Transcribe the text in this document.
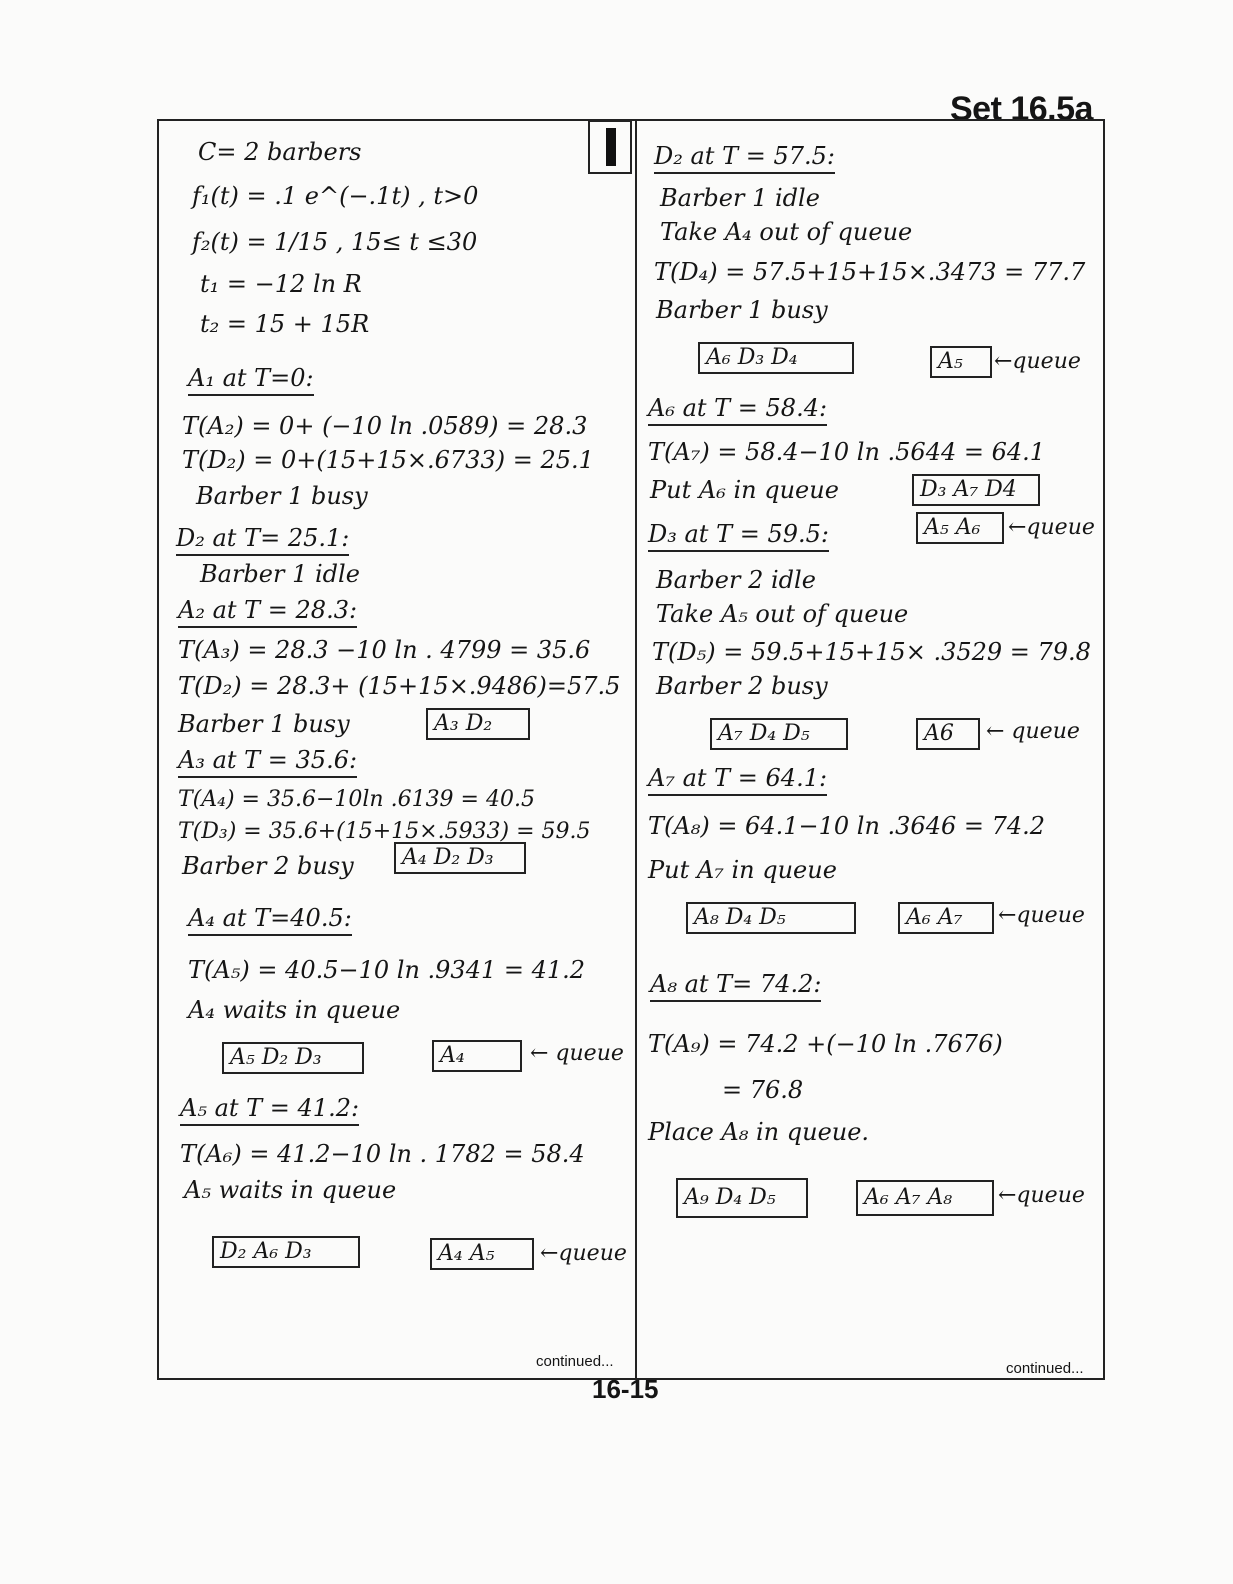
Set 16.5a
C= 2 barbers
f₁(t) = .1 e^(−.1t) , t>0
f₂(t) = 1/15 , 15≤ t ≤30
t₁ = −12 ln R
t₂ = 15 + 15R
A₁ at T=0:
T(A₂) = 0+ (−10 ln .0589) = 28.3
T(D₂) = 0+(15+15×.6733) = 25.1
Barber 1 busy
D₂ at T= 25.1:
Barber 1 idle
A₂ at T = 28.3:
T(A₃) = 28.3 −10 ln . 4799 = 35.6
T(D₂) = 28.3+ (15+15×.9486)=57.5
Barber 1 busy	A₃ D₂
A₃ at T = 35.6:
T(A₄) = 35.6−10ln .6139 = 40.5
T(D₃) = 35.6+(15+15×.5933) = 59.5
Barber 2 busy	A₄ D₂ D₃
A₄ at T=40.5:
T(A₅) = 40.5−10 ln .9341 = 41.2
A₄ waits in queue
A₅ D₂ D₃	A₄	← queue
A₅ at T = 41.2:
T(A₆) = 41.2−10 ln . 1782 = 58.4
A₅ waits in queue
D₂ A₆ D₃	A₄ A₅	←queue
continued...
D₂ at T = 57.5:
Barber 1 idle
Take A₄ out of queue
T(D₄) = 57.5+15+15×.3473 = 77.7
Barber 1 busy
A₆ D₃ D₄	A₅	←queue
A₆ at T = 58.4:
T(A₇) = 58.4−10 ln .5644 = 64.1
Put A₆ in queue	D₃ A₇ D4
D₃ at T = 59.5:	A₅ A₆	←queue
Barber 2 idle
Take A₅ out of queue
T(D₅) = 59.5+15+15× .3529 = 79.8
Barber 2 busy
A₇ D₄ D₅	A6	← queue
A₇ at T = 64.1:
T(A₈) = 64.1−10 ln .3646 = 74.2
Put A₇ in queue
A₈ D₄ D₅	A₆ A₇	←queue
A₈ at T= 74.2:
T(A₉) = 74.2 +(−10 ln .7676)
= 76.8
Place A₈ in queue.
A₉ D₄ D₅	A₆ A₇ A₈	←queue
continued...
16-15
